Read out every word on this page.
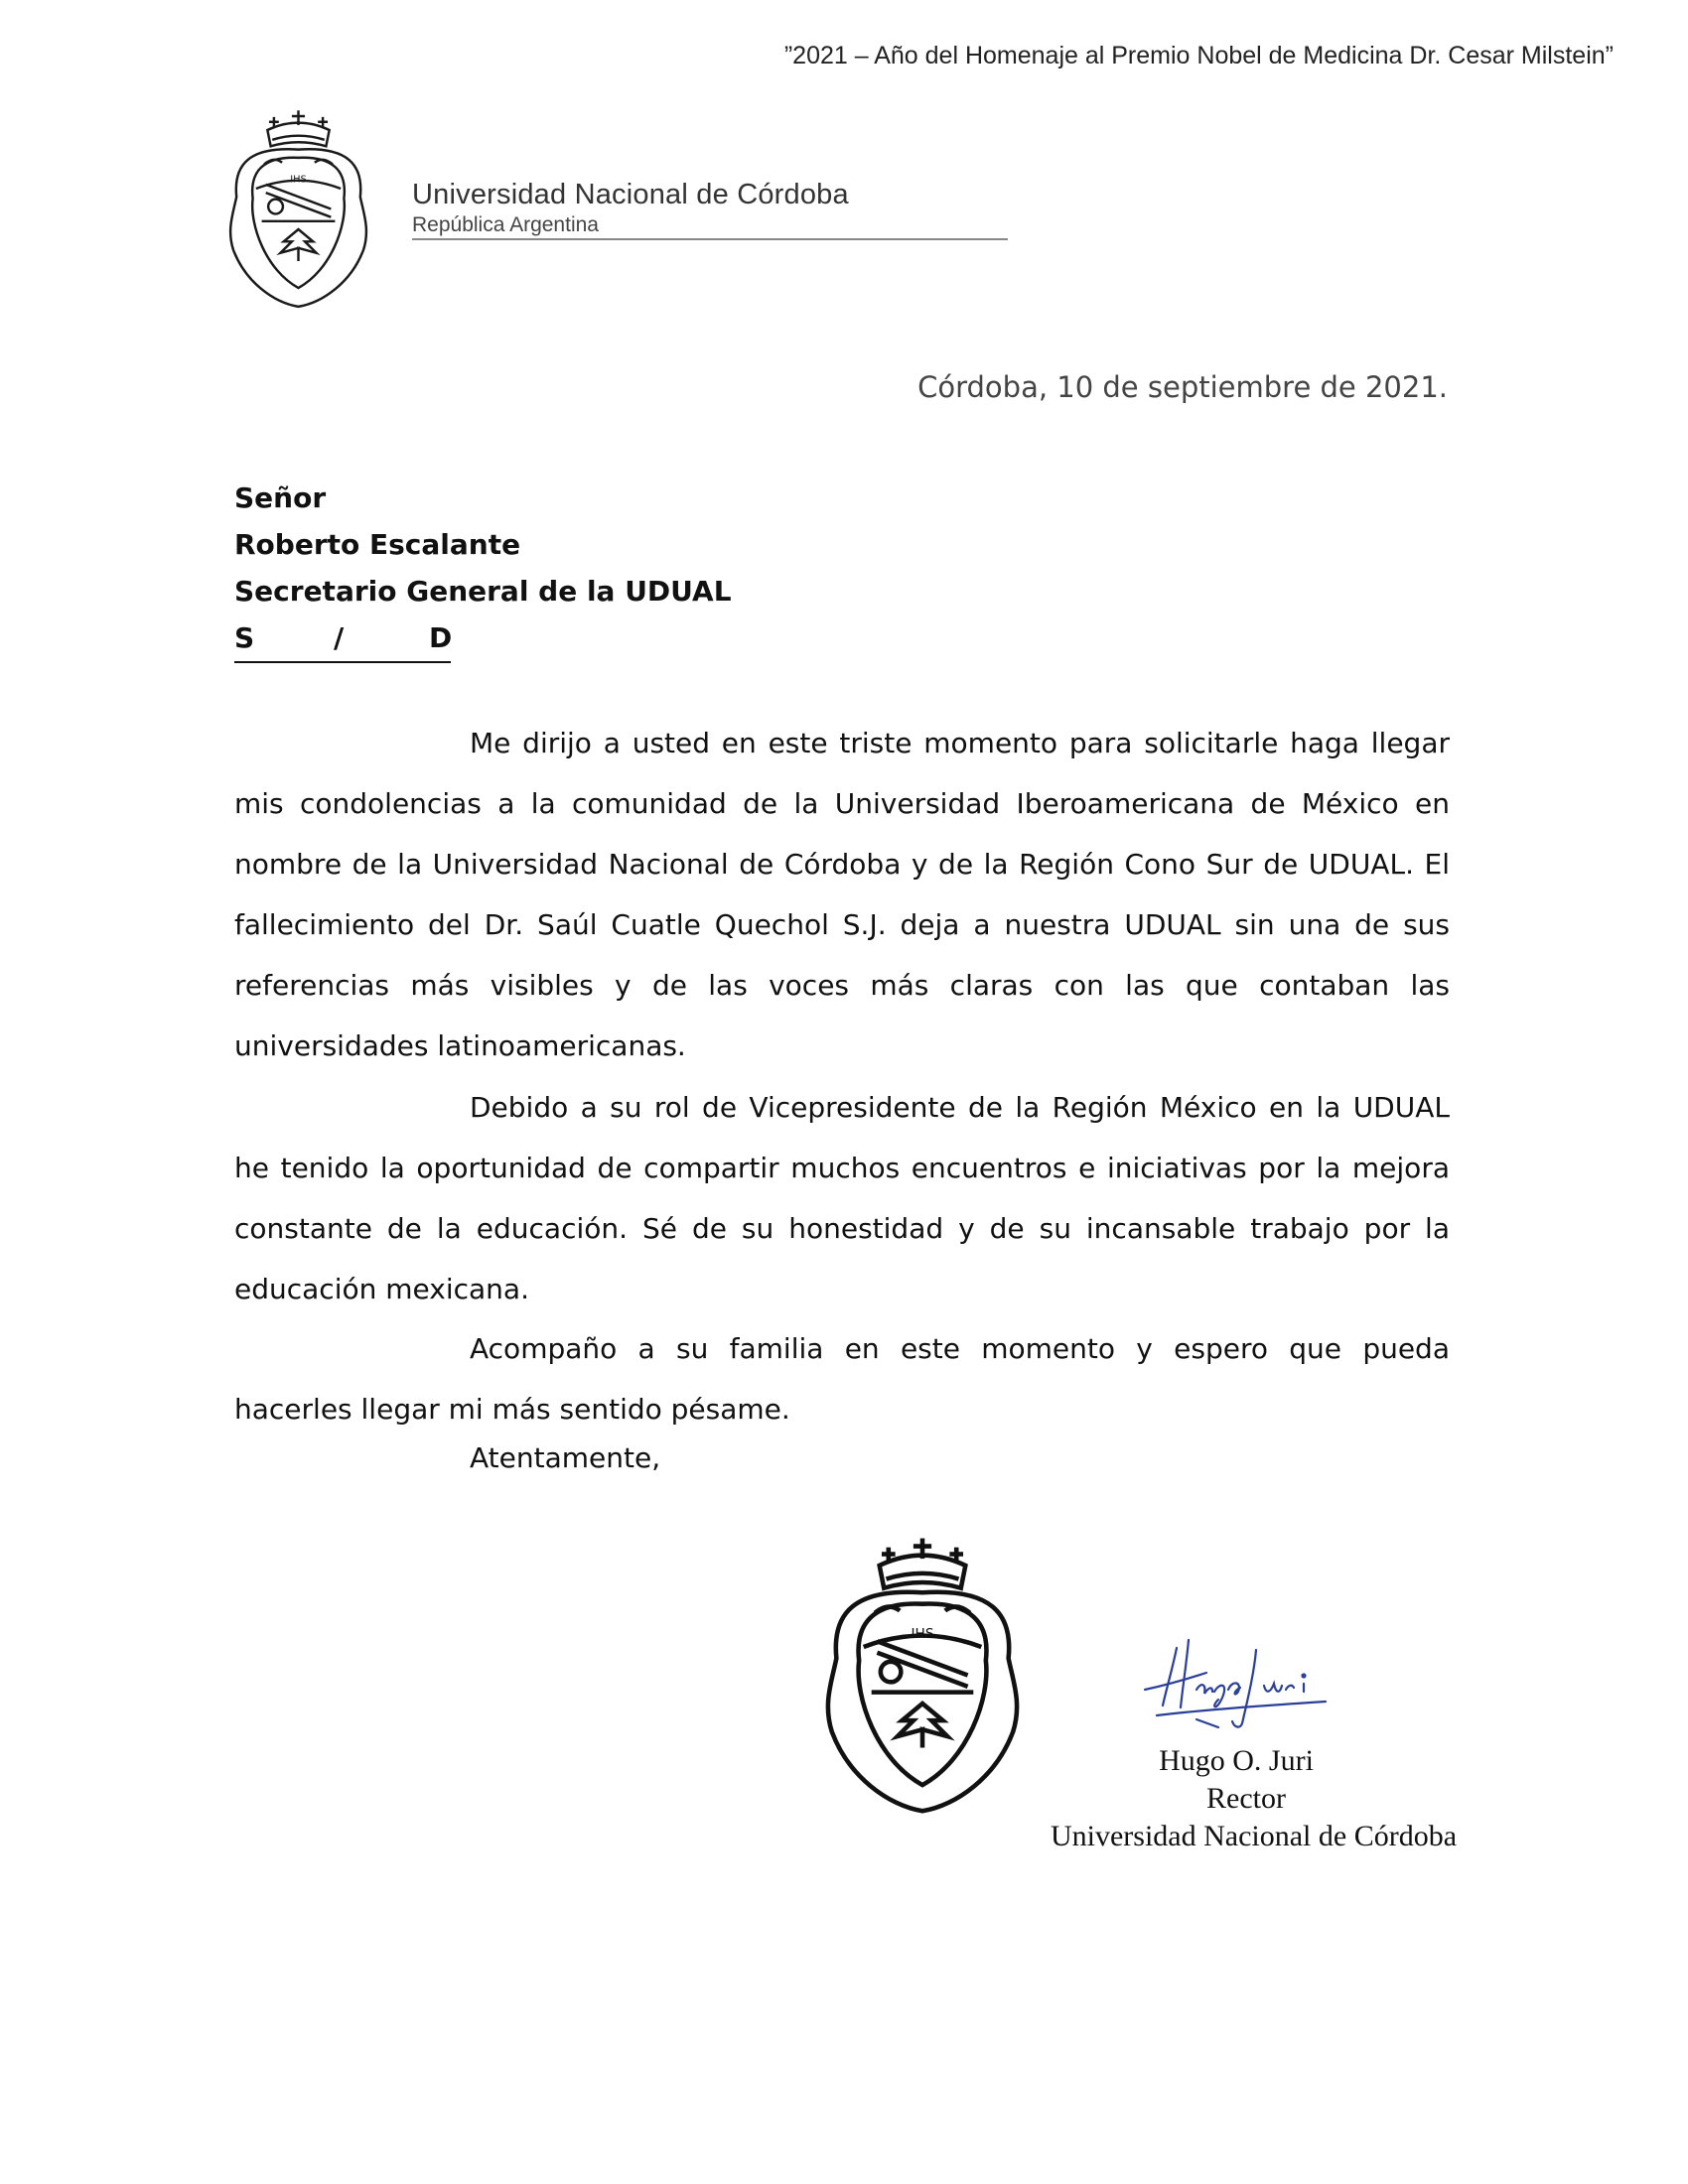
”2021 – Año del Homenaje al Premio Nobel de Medicina Dr. Cesar Milstein”
IHS	Universidad Nacional de Córdoba
República Argentina
Córdoba, 10 de septiembre de 2021.
Señor
Roberto Escalante
Secretario General de la UDUAL
S	/	D
Me dirijo a usted en este triste momento para solicitarle haga llegar mis condolencias a la comunidad de la Universidad Iberoamericana de México en nombre de la Universidad Nacional de Córdoba y de la Región Cono Sur de UDUAL. El fallecimiento del Dr. Saúl Cuatle Quechol S.J. deja a nuestra UDUAL sin una de sus referencias más visibles y de las voces más claras con las que contaban las universidades latinoamericanas.
Debido a su rol de Vicepresidente de la Región México en la UDUAL he tenido la oportunidad de compartir muchos encuentros e iniciativas por la mejora constante de la educación. Sé de su honestidad y de su incansable trabajo por la educación mexicana.
Acompaño a su familia en este momento y espero que pueda hacerles llegar mi más sentido pésame.
Atentamente,
IHS
Hugo O. Juri
Rector
Universidad Nacional de Córdoba
